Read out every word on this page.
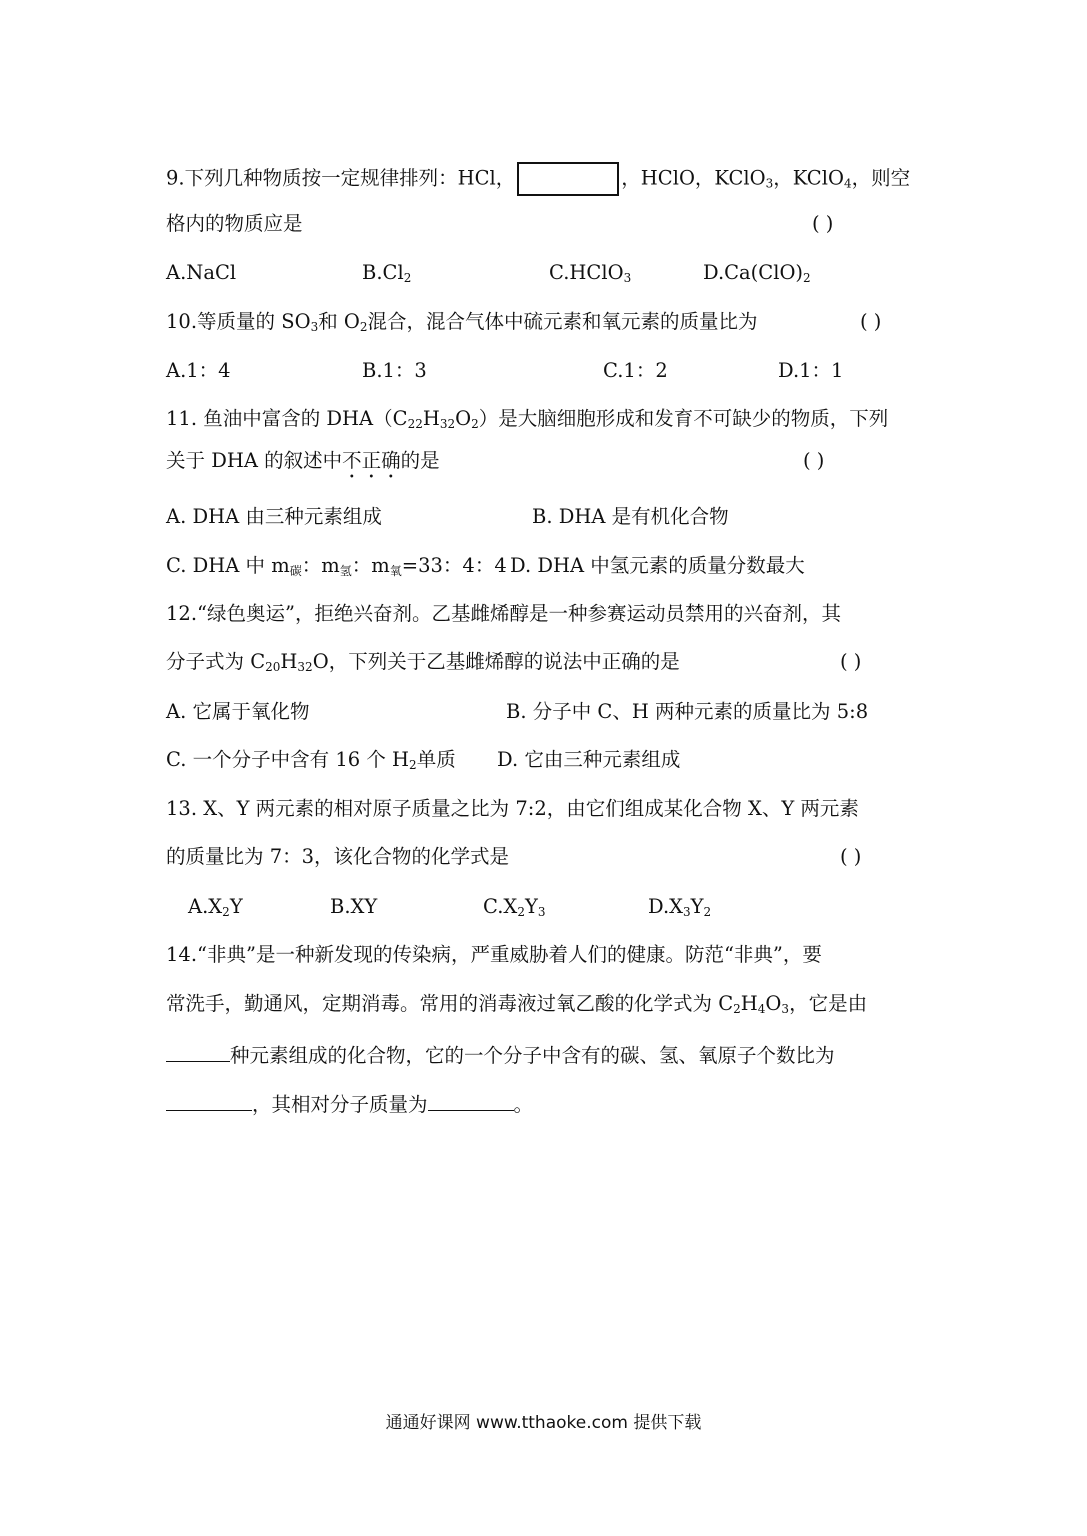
9.下列几种物质按一定规律排列：HCl，	，HClO，KClO$_3$，KClO$_4$，则空
格内的物质应是	( )
A.NaCl	$B.Cl_2$	C.HClO$_3$	$D.Ca(ClO)_2$
10.等质量的 $SO_3$和 $O_2$混合，混合气体中硫元素和氧元素的质量比为	( )
A.1：4	B.1：3	C.1：2	D.1：1
11. 鱼油中富含的 $DHA(C_{22}H_{32}O_2)$是大脑细胞形成和发育不可缺少的物质，下列
关于 DHA 的叙述中不正确的是	( )
A. DHA 由三种元素组成	B. DHA 是有机化合物
C. DHA 中 $m_碳$：$m_氢$：$m_氧=33$：4：4 D. DHA 中氢元素的质量分数最大
12.“绿色奥运”，拒绝兴奋剂。乙基雌烯醇是一种参赛运动员禁用的兴奋剂，其
分子式为 $C_{20}H_{32}O$，下列关于乙基雌烯醇的说法中正确的是	( )
A. 它属于氧化物	B. 分子中 C、H 两种元素的质量比为 5:8
C. 一个分子中含有 16 个 $H_2$单质 D. 它由三种元素组成
13. X、Y 两元素的相对原子质量之比为 7:2，由它们组成某化合物 X、Y 两元素
的质量比为 7：3，该化合物的化学式是	( )
$A.X_2Y$	B.XY	$C.X_2Y_3$	$D.X_3Y_2$
14.“非典”是一种新发现的传染病，严重威胁着人们的健康。防范“非典”，要
常洗手，勤通风，定期消毒。常用的消毒液过氧乙酸的化学式为 $C_2H_4O_3$，它是由
种元素组成的化合物，它的一个分子中含有的碳、氢、氧原子个数比为
，其相对分子质量为	。
通通好课网 www.tthaoke.com 提供下载
